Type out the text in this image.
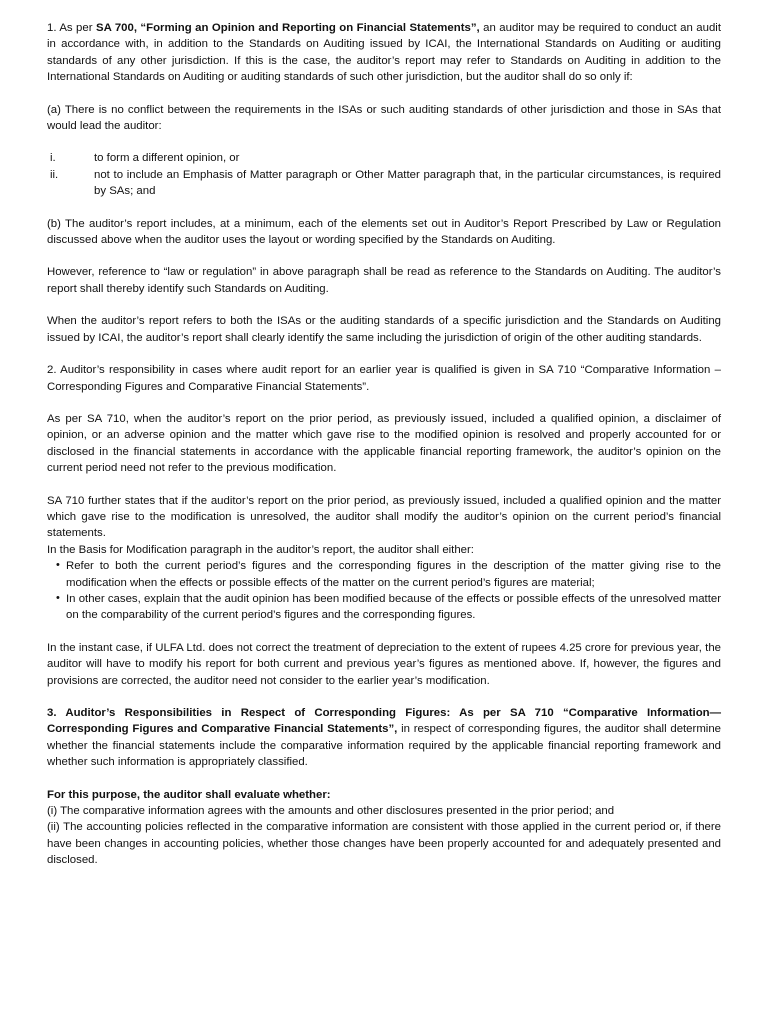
1. As per SA 700, “Forming an Opinion and Reporting on Financial Statements”, an auditor may be required to conduct an audit in accordance with, in addition to the Standards on Auditing issued by ICAI, the International Standards on Auditing or auditing standards of any other jurisdiction. If this is the case, the auditor’s report may refer to Standards on Auditing in addition to the International Standards on Auditing or auditing standards of such other jurisdiction, but the auditor shall do so only if:

(a) There is no conflict between the requirements in the ISAs or such auditing standards of other jurisdiction and those in SAs that would lead the auditor:

i.	to form a different opinion, or
ii.	not to include an Emphasis of Matter paragraph or Other Matter paragraph that, in the particular circumstances, is required by SAs; and

(b) The auditor’s report includes, at a minimum, each of the elements set out in Auditor’s Report Prescribed by Law or Regulation discussed above when the auditor uses the layout or wording specified by the Standards on Auditing.

However, reference to “law or regulation” in above paragraph shall be read as reference to the Standards on Auditing. The auditor’s report shall thereby identify such Standards on Auditing.

When the auditor’s report refers to both the ISAs or the auditing standards of a specific jurisdiction and the Standards on Auditing issued by ICAI, the auditor’s report shall clearly identify the same including the jurisdiction of origin of the other auditing standards.

2. Auditor’s responsibility in cases where audit report for an earlier year is qualified is given in SA 710 “Comparative Information – Corresponding Figures and Comparative Financial Statements”.

As per SA 710, when the auditor’s report on the prior period, as previously issued, included a qualified opinion, a disclaimer of opinion, or an adverse opinion and the matter which gave rise to the modified opinion is resolved and properly accounted for or disclosed in the financial statements in accordance with the applicable financial reporting framework, the auditor’s opinion on the current period need not refer to the previous modification.

SA 710 further states that if the auditor’s report on the prior period, as previously issued, included a qualified opinion and the matter which gave rise to the modification is unresolved, the auditor shall modify the auditor’s opinion on the current period’s financial statements.

In the Basis for Modification paragraph in the auditor’s report, the auditor shall either:

• Refer to both the current period’s figures and the corresponding figures in the description of the matter giving rise to the modification when the effects or possible effects of the matter on the current period’s figures are material;
• In other cases, explain that the audit opinion has been modified because of the effects or possible effects of the unresolved matter on the comparability of the current period’s figures and the corresponding figures.

In the instant case, if ULFA Ltd. does not correct the treatment of depreciation to the extent of rupees 4.25 crore for previous year, the auditor will have to modify his report for both current and previous year’s figures as mentioned above. If, however, the figures and provisions are corrected, the auditor need not consider to the earlier year’s modification.

3. Auditor’s Responsibilities in Respect of Corresponding Figures: As per SA 710 “Comparative Information— Corresponding Figures and Comparative Financial Statements”, in respect of corresponding figures, the auditor shall determine whether the financial statements include the comparative information required by the applicable financial reporting framework and whether such information is appropriately classified.

For this purpose, the auditor shall evaluate whether:

(i) The comparative information agrees with the amounts and other disclosures presented in the prior period; and

(ii) The accounting policies reflected in the comparative information are consistent with those applied in the current period or, if there have been changes in accounting policies, whether those changes have been properly accounted for and adequately presented and disclosed.
